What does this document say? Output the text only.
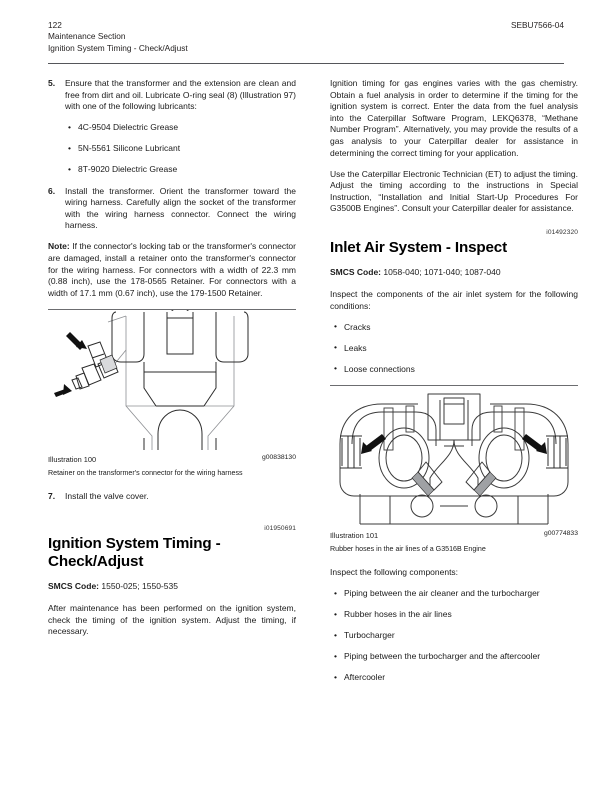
122
Maintenance Section
Ignition System Timing - Check/Adjust
SEBU7566-04
5. Ensure that the transformer and the extension are clean and free from dirt and oil. Lubricate O-ring seal (8) (Illustration 97) with one of the following lubricants:
• 4C‑9504 Dielectric Grease
• 5N‑5561 Silicone Lubricant
• 8T‑9020 Dielectric Grease
6. Install the transformer. Orient the transformer toward the wiring harness. Carefully align the socket of the transformer with the wiring harness connector. Connect the wiring harness.

Note: If the connector's locking tab or the transformer's connector are damaged, install a retainer onto the transformer's connector for the wiring harness. For connectors with a width of 22.3 mm (0.88 inch), use the 178‑0565 Retainer. For connectors with a width of 17.1 mm (0.67 inch), use the 179‑1500 Retainer.

Illustration 100	g00838130
Retainer on the transformer's connector for the wiring harness
7. Install the valve cover.
i01950691
Ignition System Timing - Check/Adjust

SMCS Code: 1550-025; 1550-535

After maintenance has been performed on the ignition system, check the timing of the ignition system. Adjust the timing, if necessary.

Ignition timing for gas engines varies with the gas chemistry. Obtain a fuel analysis in order to determine if the timing for the ignition system is correct. Enter the data from the fuel analysis into the Caterpillar Software Program, LEKQ6378, “Methane Number Program”. Alternatively, you may provide the results of a gas analysis to your Caterpillar dealer for assistance in determining the correct timing for your application.

Use the Caterpillar Electronic Technician (ET) to adjust the timing. Adjust the timing according to the instructions in Special Instruction, “Installation and Initial Start-Up Procedures For G3500B Engines”. Consult your Caterpillar dealer for assistance.

i01492320
Inlet Air System - Inspect

SMCS Code: 1058-040; 1071-040; 1087-040

Inspect the components of the air inlet system for the following conditions:

• Cracks
• Leaks
• Loose connections
Illustration 101	g00774833
Rubber hoses in the air lines of a G3516B Engine

Inspect the following components:

• Piping between the air cleaner and the turbocharger
• Rubber hoses in the air lines
• Turbocharger
• Piping between the turbocharger and the aftercooler
• Aftercooler
